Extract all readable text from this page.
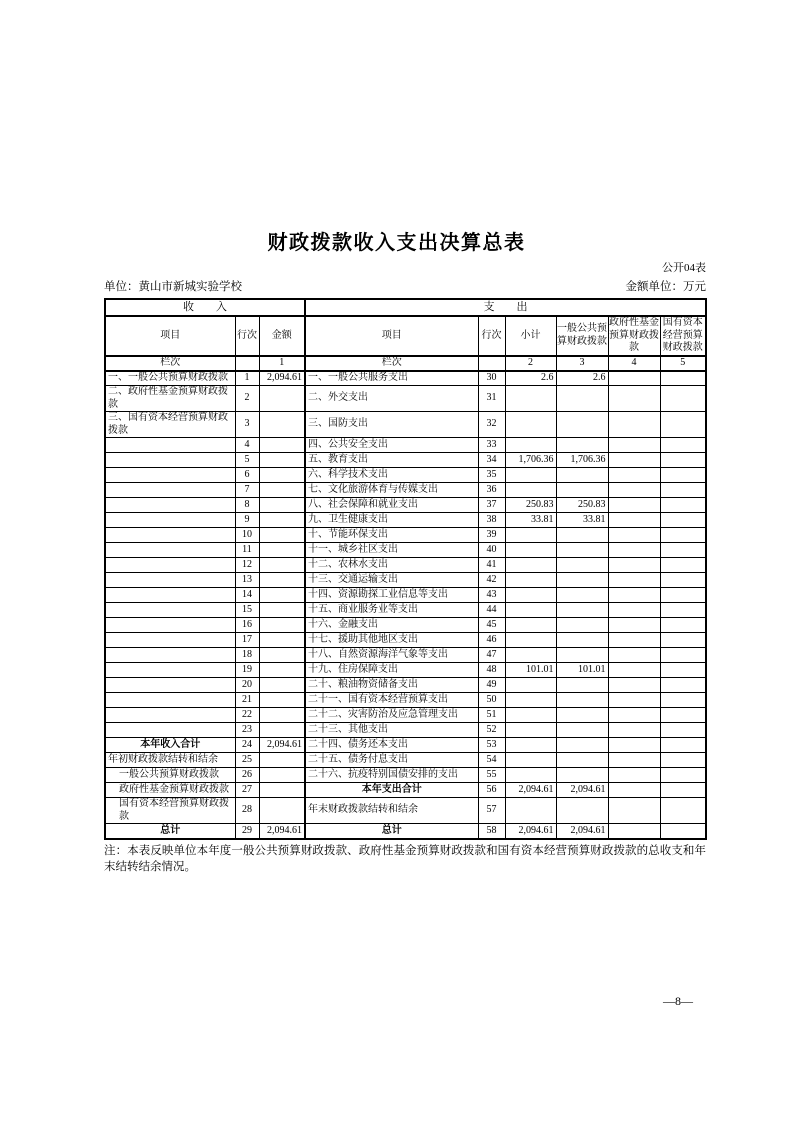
财政拨款收入支出决算总表
公开04表
单位：黄山市新城实验学校	金额单位：万元
收　　入			支　　出					
项目	行次	金额	项目	行次	小计	一般公共预算财政拨款	政府性基金预算财政拨款	国有资本经营预算财政拨款
栏次		1	栏次		2	3	4	5
一、一般公共预算财政拨款	1	2,094.61	一、一般公共服务支出	30	2.6	2.6		
二、政府性基金预算财政拨款	2		二、外交支出	31				
三、国有资本经营预算财政拨款	3		三、国防支出	32				
	4		四、公共安全支出	33				
	5		五、教育支出	34	1,706.36	1,706.36		
	6		六、科学技术支出	35				
	7		七、文化旅游体育与传媒支出	36				
	8		八、社会保障和就业支出	37	250.83	250.83		
	9		九、卫生健康支出	38	33.81	33.81		
	10		十、节能环保支出	39				
	11		十一、城乡社区支出	40				
	12		十二、农林水支出	41				
	13		十三、交通运输支出	42				
	14		十四、资源勘探工业信息等支出	43				
	15		十五、商业服务业等支出	44				
	16		十六、金融支出	45				
	17		十七、援助其他地区支出	46				
	18		十八、自然资源海洋气象等支出	47				
	19		十九、住房保障支出	48	101.01	101.01		
	20		二十、粮油物资储备支出	49				
	21		二十一、国有资本经营预算支出	50				
	22		二十二、灾害防治及应急管理支出	51				
	23		二十三、其他支出	52				
本年收入合计	24	2,094.61	二十四、债务还本支出	53				
年初财政拨款结转和结余	25		二十五、债务付息支出	54				
一般公共预算财政拨款	26		二十六、抗疫特别国债安排的支出	55				
政府性基金预算财政拨款	27		本年支出合计	56	2,094.61	2,094.61		
国有资本经营预算财政拨款	28		年末财政拨款结转和结余	57				
总计	29	2,094.61	总计	58	2,094.61	2,094.61		
注：本表反映单位本年度一般公共预算财政拨款、政府性基金预算财政拨款和国有资本经营预算财政拨款的总收支和年末结转结余情况。
—8—
